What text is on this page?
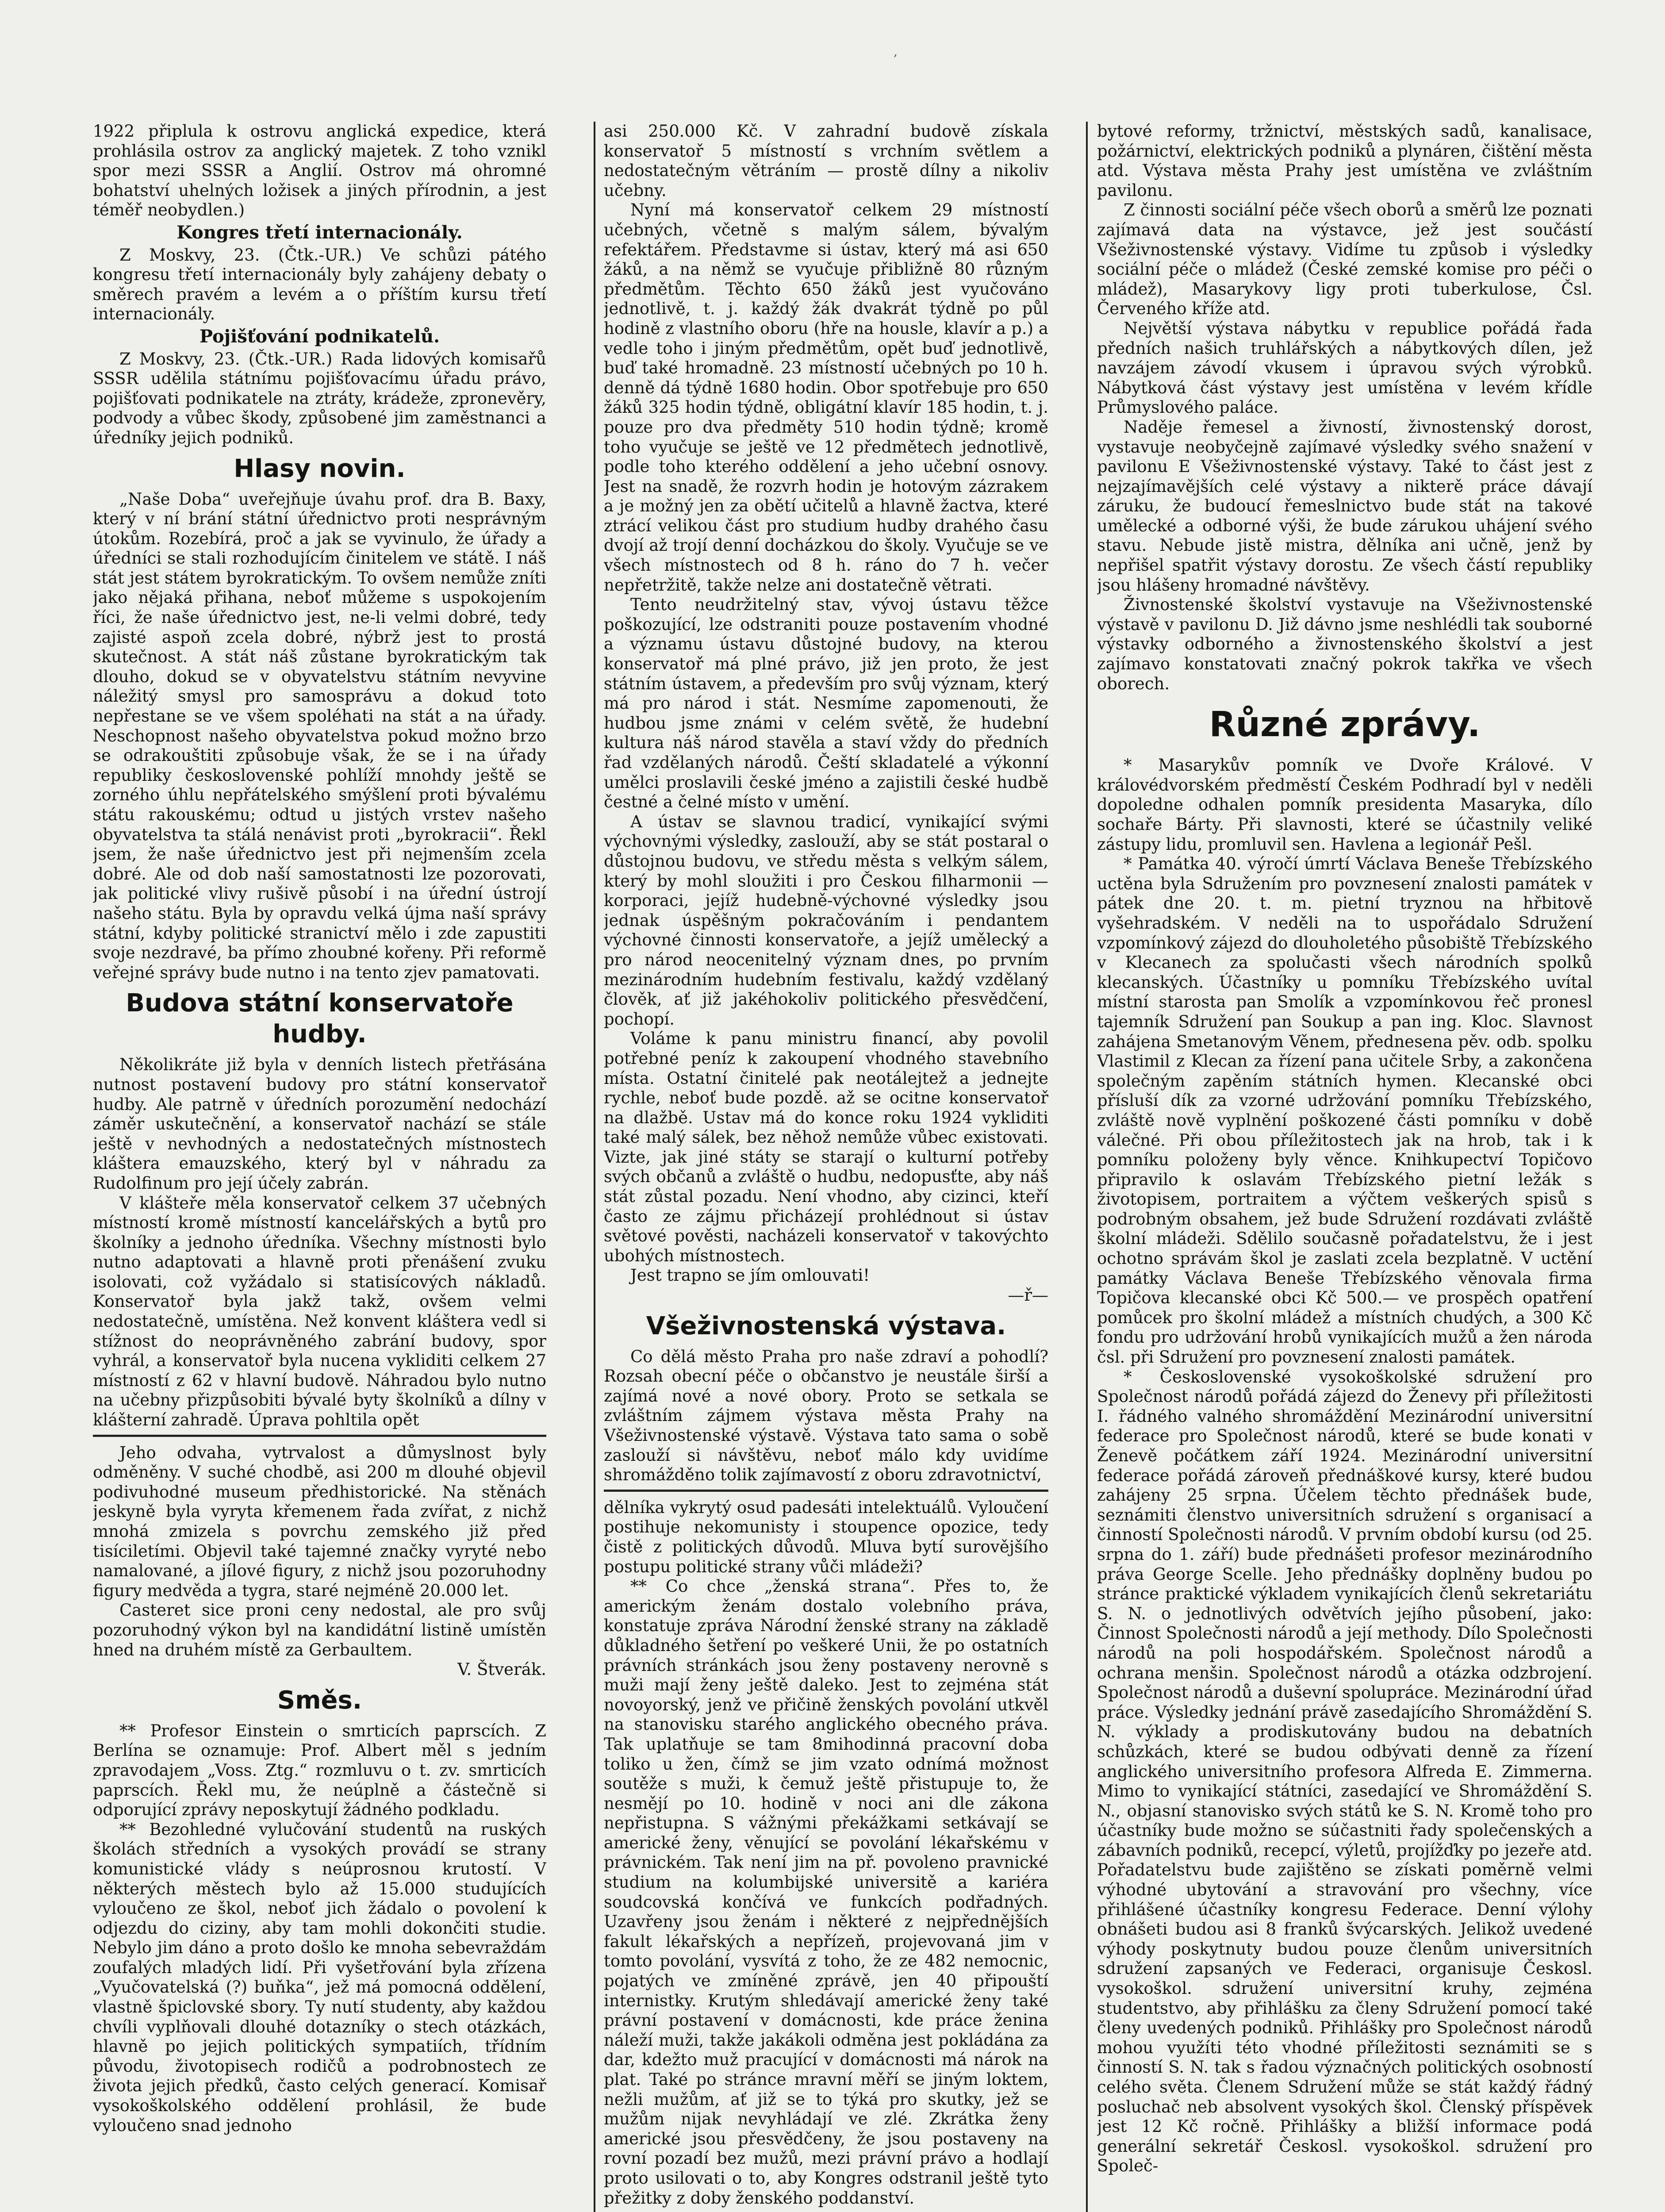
,

1922 připlula k ostrovu anglická expedice, která prohlásila ostrov za anglický majetek. Z toho vznikl spor mezi SSSR a Anglií. Ostrov má ohromné bohatství uhelných ložisek a jiných přírodnin, a jest téměř neobydlen.)

Kongres třetí internacionály.

Z Moskvy, 23. (Čtk.-UR.) Ve schůzi pátého kongresu třetí internacionály byly zahájeny debaty o směrech pravém a levém a o příštím kursu třetí internacionály.

Pojišťování podnikatelů.

Z Moskvy, 23. (Čtk.-UR.) Rada lidových komisařů SSSR udělila státnímu pojišťovacímu úřadu právo, pojišťovati podnikatele na ztráty, krádeže, zpronevěry, podvody a vůbec škody, způsobené jim zaměstnanci a úředníky jejich podniků.

Hlasy novin.

„Naše Doba“ uveřejňuje úvahu prof. dra B. Baxy, který v ní brání státní úřednictvo proti nesprávným útokům. Rozebírá, proč a jak se vyvinulo, že úřady a úředníci se stali rozhodujícím činitelem ve státě. I náš stát jest státem byrokratickým. To ovšem nemůže zníti jako nějaká přihana, neboť můžeme s uspokojením říci, že naše úřednictvo jest, ne-li velmi dobré, tedy zajisté aspoň zcela dobré, nýbrž jest to prostá skutečnost. A stát náš zůstane byrokratickým tak dlouho, dokud se v obyvatelstvu státním nevyvine náležitý smysl pro samosprávu a dokud toto nepřestane se ve všem spoléhati na stát a na úřady. Neschopnost našeho obyvatelstva pokud možno brzo se odrakouštiti způsobuje však, že se i na úřady republiky československé pohlíží mnohdy ještě se zorného úhlu nepřátelského smýšlení proti bývalému státu rakouskému; odtud u jistých vrstev našeho obyvatelstva ta stálá nenávist proti „byrokracii“. Řekl jsem, že naše úřednictvo jest při nejmenším zcela dobré. Ale od dob naší samostatnosti lze pozorovati, jak politické vlivy rušivě působí i na úřední ústrojí našeho státu. Byla by opravdu velká újma naší správy státní, kdyby politické stranictví mělo i zde zapustiti svoje nezdravé, ba přímo zhoubné kořeny. Při reformě veřejné správy bude nutno i na tento zjev pamatovati.

Budova státní konservatoře hudby.

Několikráte již byla v denních listech přetřásána nutnost postavení budovy pro státní konservatoř hudby. Ale patrně v úředních porozumění nedochází záměr uskutečnění, a konservatoř nachází se stále ještě v nevhodných a nedostatečných místnostech kláštera emauzského, který byl v náhradu za Rudolfinum pro její účely zabrán.

V klášteře měla konservatoř celkem 37 učebných místností kromě místností kancelářských a bytů pro školníky a jednoho úředníka. Všechny místnosti bylo nutno adaptovati a hlavně proti přenášení zvuku isolovati, což vyžádalo si statisícových nákladů. Konservatoř byla jakž takž, ovšem velmi nedostatečně, umístěna. Než konvent kláštera vedl si stížnost do neoprávněného zabrání budovy, spor vyhrál, a konservatoř byla nucena vykliditi celkem 27 místností z 62 v hlavní budově. Náhradou bylo nutno na učebny přizpůsobiti bývalé byty školníků a dílny v klášterní zahradě. Úprava pohltila opět

Jeho odvaha, vytrvalost a důmyslnost byly odměněny. V suché chodbě, asi 200 m dlouhé objevil podivuhodné museum předhistorické. Na stěnách jeskyně byla vyryta křemenem řada zvířat, z nichž mnohá zmizela s povrchu zemského již před tisíciletími. Objevil také tajemné značky vyryté nebo namalované, a jílové figury, z nichž jsou pozoruhodny figury medvěda a tygra, staré nejméně 20.000 let.

Casteret sice proni ceny nedostal, ale pro svůj pozoruhodný výkon byl na kandidátní listině umístěn hned na druhém místě za Gerbaultem.

V. Štverák.
Směs.

** Profesor Einstein o smrticích paprscích. Z Berlína se oznamuje: Prof. Albert měl s jedním zpravodajem „Voss. Ztg.“ rozmluvu o t. zv. smrticích paprscích. Řekl mu, že neúplně a částečně si odporující zprávy neposkytují žádného podkladu.

** Bezohledné vylučování studentů na ruských školách středních a vysokých provádí se strany komunistické vlády s neúprosnou krutostí. V některých městech bylo až 15.000 studujících vyloučeno ze škol, neboť jich žádalo o povolení k odjezdu do ciziny, aby tam mohli dokončiti studie. Nebylo jim dáno a proto došlo ke mnoha sebevraždám zoufalých mladých lidí. Při vyšetřování byla zřízena „Vyučovatelská (?) buňka“, jež má pomocná oddělení, vlastně špiclovské sbory. Ty nutí studenty, aby každou chvíli vyplňovali dlouhé dotazníky o stech otázkách, hlavně po jejich politických sympatiích, třídním původu, životopisech rodičů a podrobnostech ze života jejich předků, často celých generací. Komisař vysokoškolského oddělení prohlásil, že bude vyloučeno snad jednoho

asi 250.000 Kč. V zahradní budově získala konservatoř 5 místností s vrchním světlem a nedostatečným větráním — prostě dílny a nikoliv učebny.

Nyní má konservatoř celkem 29 místností učebných, včetně s malým sálem, bývalým refektářem. Představme si ústav, který má asi 650 žáků, a na němž se vyučuje přibližně 80 různým předmětům. Těchto 650 žáků jest vyučováno jednotlivě, t. j. každý žák dvakrát týdně po půl hodině z vlastního oboru (hře na housle, klavír a p.) a vedle toho i jiným předmětům, opět buď jednotlivě, buď také hromadně. 23 místností učebných po 10 h. denně dá týdně 1680 hodin. Obor spotřebuje pro 650 žáků 325 hodin týdně, obligátní klavír 185 hodin, t. j. pouze pro dva předměty 510 hodin týdně; kromě toho vyučuje se ještě ve 12 předmětech jednotlivě, podle toho kterého oddělení a jeho učební osnovy. Jest na snadě, že rozvrh hodin je hotovým zázrakem a je možný jen za obětí učitelů a hlavně žactva, které ztrácí velikou část pro studium hudby drahého času dvojí až trojí denní docházkou do školy. Vyučuje se ve všech místnostech od 8 h. ráno do 7 h. večer nepřetržitě, takže nelze ani dostatečně větrati.

Tento neudržitelný stav, vývoj ústavu těžce poškozující, lze odstraniti pouze postavením vhodné a významu ústavu důstojné budovy, na kterou konservatoř má plné právo, již jen proto, že jest státním ústavem, a především pro svůj význam, který má pro národ i stát. Nesmíme zapomenouti, že hudbou jsme známi v celém světě, že hudební kultura náš národ stavěla a staví vždy do předních řad vzdělaných národů. Čeští skladatelé a výkonní umělci proslavili české jméno a zajistili české hudbě čestné a čelné místo v umění.

A ústav se slavnou tradicí, vynikající svými výchovnými výsledky, zaslouží, aby se stát postaral o důstojnou budovu, ve středu města s velkým sálem, který by mohl sloužiti i pro Českou filharmonii — korporaci, jejíž hudebně-výchovné výsledky jsou jednak úspěšným pokračováním i pendantem výchovné činnosti konservatoře, a jejíž umělecký a pro národ neocenitelný význam dnes, po prvním mezinárodním hudebním festivalu, každý vzdělaný člověk, ať již jakéhokoliv politického přesvědčení, pochopí.

Voláme k panu ministru financí, aby povolil potřebné peníz k zakoupení vhodného stavebního místa. Ostatní činitelé pak neotálejtež a jednejte rychle, neboť bude pozdě. až se ocitne konservatoř na dlažbě. Ustav má do konce roku 1924 vykliditi také malý sálek, bez něhož nemůže vůbec existovati. Vizte, jak jiné státy se starají o kulturní potřeby svých občanů a zvláště o hudbu, nedopusťte, aby náš stát zůstal pozadu. Není vhodno, aby cizinci, kteří často ze zájmu přicházejí prohlédnout si ústav světové pověsti, nacházeli konservatoř v takovýchto ubohých místnostech.

Jest trapno se jím omlouvati!

—ř—
Všeživnostenská výstava.

Co dělá město Praha pro naše zdraví a pohodlí? Rozsah obecní péče o občanstvo je neustále širší a zajímá nové a nové obory. Proto se setkala se zvláštním zájmem výstava města Prahy na Všeživnostenské výstavě. Výstava tato sama o sobě zaslouží si návštěvu, neboť málo kdy uvidíme shromážděno tolik zajímavostí z oboru zdravotnictví,

dělníka vykrytý osud padesáti intelektuálů. Vyloučení postihuje nekomunisty i stoupence opozice, tedy čistě z politických důvodů. Mluva bytí surovějšího postupu politické strany vůči mládeži?

** Co chce „ženská strana“. Přes to, že americkým ženám dostalo volebního práva, konstatuje zpráva Národní ženské strany na základě důkladného šetření po veškeré Unii, že po ostatních právních stránkách jsou ženy postaveny nerovně s muži mají ženy ještě daleko. Jest to zejména stát novoyorský, jenž ve přičině ženských povolání utkvěl na stanovisku starého anglického obecného práva. Tak uplatňuje se tam 8mihodinná pracovní doba toliko u žen, čímž se jim vzato odnímá možnost soutěže s muži, k čemuž ještě přistupuje to, že nesmějí po 10. hodině v noci ani dle zákona nepřistupna. S vážnými překážkami setkávají se americké ženy, věnující se povolání lékařskému v právnickém. Tak není jim na př. povoleno pravnické studium na kolumbijské universitě a kariéra soudcovská končívá ve funkcích podřadných. Uzavřeny jsou ženám i některé z nejpřednějších fakult lékařských a nepřízeň, projevovaná jim v tomto povolání, vysvítá z toho, že ze 482 nemocnic, pojatých ve zmíněné zprávě, jen 40 připouští internistky. Krutým shledávají americké ženy také právní postavení v domácnosti, kde práce ženina náleží muži, takže jakákoli odměna jest pokládána za dar, kdežto muž pracující v domácnosti má nárok na plat. Také po stránce mravní měří se jiným loktem, nežli mužům, ať již se to týká pro skutky, jež se mužům nijak nevyhládají ve zlé. Zkrátka ženy americké jsou přesvědčeny, že jsou postaveny na rovní pozadí bez mužů, mezi právní právo a hodlají proto usilovati o to, aby Kongres odstranil ještě tyto přežitky z doby ženského poddanství.

bytové reformy, tržnictví, městských sadů, kanalisace, požárnictví, elektrických podniků a plynáren, čištění města atd. Výstava města Prahy jest umístěna ve zvláštním pavilonu.

Z činnosti sociální péče všech oborů a směrů lze poznati zajímavá data na výstavce, jež jest součástí Všeživnostenské výstavy. Vidíme tu způsob i výsledky sociální péče o mládež (České zemské komise pro péči o mládež), Masarykovy ligy proti tuberkulose, Čsl. Červeného kříže atd.

Největší výstava nábytku v republice pořádá řada předních našich truhlářských a nábytkových dílen, jež navzájem závodí vkusem i úpravou svých výrobků. Nábytková část výstavy jest umístěna v levém křídle Průmyslového paláce.

Naděje řemesel a živností, živnostenský dorost, vystavuje neobyčejně zajímavé výsledky svého snažení v pavilonu E Všeživnostenské výstavy. Také to část jest z nejzajímavějších celé výstavy a nikterě práce dávají záruku, že budoucí řemeslnictvo bude stát na takové umělecké a odborné výši, že bude zárukou uhájení svého stavu. Nebude jistě mistra, dělníka ani učně, jenž by nepřišel spatřit výstavy dorostu. Ze všech částí republiky jsou hlášeny hromadné návštěvy.

Živnostenské školství vystavuje na Všeživnostenské výstavě v pavilonu D. Již dávno jsme neshlédli tak souborné výstavky odborného a živnostenského školství a jest zajímavo konstatovati značný pokrok takřka ve všech oborech.

Různé zprávy.

* Masarykův pomník ve Dvoře Králové. V královédvorském předměstí Českém Podhradí byl v neděli dopoledne odhalen pomník presidenta Masaryka, dílo sochaře Bárty. Při slavnosti, které se účastnily veliké zástupy lidu, promluvil sen. Havlena a legionář Pešl.

* Památka 40. výročí úmrtí Václava Beneše Třebízského uctěna byla Sdružením pro povznesení znalosti památek v pátek dne 20. t. m. pietní tryznou na hřbitově vyšehradském. V neděli na to uspořádalo Sdružení vzpomínkový zájezd do dlouholetého působiště Třebízského v Klecanech za spolučasti všech národních spolků klecanských. Účastníky u pomníku Třebízského uvítal místní starosta pan Smolík a vzpomínkovou řeč pronesl tajemník Sdružení pan Soukup a pan ing. Kloc. Slavnost zahájena Smetanovým Věnem, přednesena pěv. odb. spolku Vlastimil z Klecan za řízení pana učitele Srby, a zakončena společným zapěním státních hymen. Klecanské obci přísluší dík za vzorné udržování pomníku Třebízského, zvláště nově vyplnění poškozené části pomníku v době válečné. Při obou příležitostech jak na hrob, tak i k pomníku položeny byly věnce. Knihkupectví Topičovo připravilo k oslavám Třebízského pietní ležák s životopisem, portraitem a výčtem veškerých spisů s podrobným obsahem, jež bude Sdružení rozdávati zvláště školní mládeži. Sdělilo současně pořadatelstvu, že i jest ochotno správám škol je zaslati zcela bezplatně. V uctění památky Václava Beneše Třebízského věnovala firma Topičova klecanské obci Kč 500.— ve prospěch opatření pomůcek pro školní mládež a místních chudých, a 300 Kč fondu pro udržování hrobů vynikajících mužů a žen národa čsl. při Sdružení pro povznesení znalosti památek.

* Československé vysokoškolské sdružení pro Společnost národů pořádá zájezd do Ženevy při příležitosti I. řádného valného shromáždění Mezinárodní universitní federace pro Společnost národů, které se bude konati v Ženevě počátkem září 1924. Mezinárodní universitní federace pořádá zároveň přednáškové kursy, které budou zahájeny 25 srpna. Účelem těchto přednášek bude, seznámiti členstvo universitních sdružení s organisací a činností Společnosti národů. V prvním období kursu (od 25. srpna do 1. září) bude přednášeti profesor mezinárodního práva George Scelle. Jeho přednášky doplněny budou po stránce praktické výkladem vynikajících členů sekretariátu S. N. o jednotlivých odvětvích jejího působení, jako: Činnost Společnosti národů a její methody. Dílo Společnosti národů na poli hospodářském. Společnost národů a ochrana menšin. Společnost národů a otázka odzbrojení. Společnost národů a duševní spolupráce. Mezinárodní úřad práce. Výsledky jednání právě zasedajícího Shromáždění S. N. výklady a prodiskutovány budou na debatních schůzkách, které se budou odbývati denně za řízení anglického universitního profesora Alfreda E. Zimmerna. Mimo to vynikající státníci, zasedající ve Shromáždění S. N., objasní stanovisko svých států ke S. N. Kromě toho pro účastníky bude možno se súčastniti řady společenských a zábavních podniků, recepcí, výletů, projížďky po jezeře atd. Pořadatelstvu bude zajištěno se získati poměrně velmi výhodné ubytování a stravování pro všechny, více přihlášené účastníky kongresu Federace. Denní výlohy obnášeti budou asi 8 franků švýcarských. Jelikož uvedené výhody poskytnuty budou pouze členům universitních sdružení zapsaných ve Federaci, organisuje Českosl. vysokoškol. sdružení universitní kruhy, zejména studentstvo, aby přihlášku za členy Sdružení pomocí také členy uvedených podniků. Přihlášky pro Společnost národů mohou využíti této vhodné příležitosti seznámiti se s činností S. N. tak s řadou význačných politických osobností celého světa. Členem Sdružení může se stát každý řádný posluchač neb absolvent vysokých škol. Členský příspěvek jest 12 Kč ročně. Přihlášky a bližší informace podá generální sekretář Českosl. vysokoškol. sdružení pro Společ-
